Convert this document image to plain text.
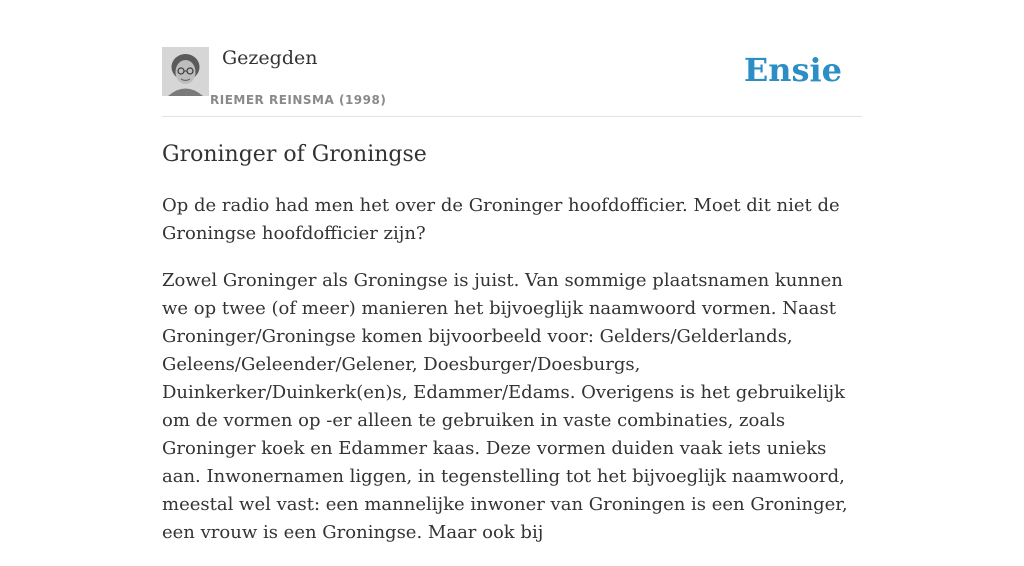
Gezegden
RIEMER REINSMA (1998)
Ensie
Groninger of Groningse

Op de radio had men het over de Groninger hoofdofficier. Moet dit niet de Groningse hoofdofficier zijn?

Zowel Groninger als Groningse is juist. Van sommige plaatsnamen kunnen we op twee (of meer) manieren het bijvoeglijk naamwoord vormen. Naast Groninger/Groningse komen bijvoorbeeld voor: Gelders/Gelderlands, Geleens/Geleender/Gelener, Doesburger/Doesburgs, Duinkerker/Duinkerk(en)s, Edammer/Edams. Overigens is het gebruikelijk om de vormen op -er alleen te gebruiken in vaste combinaties, zoals Groninger koek en Edammer kaas. Deze vormen duiden vaak iets unieks aan. Inwonernamen liggen, in tegenstelling tot het bijvoeglijk naamwoord, meestal wel vast: een mannelijke inwoner van Groningen is een Groninger, een vrouw is een Groningse. Maar ook bij
